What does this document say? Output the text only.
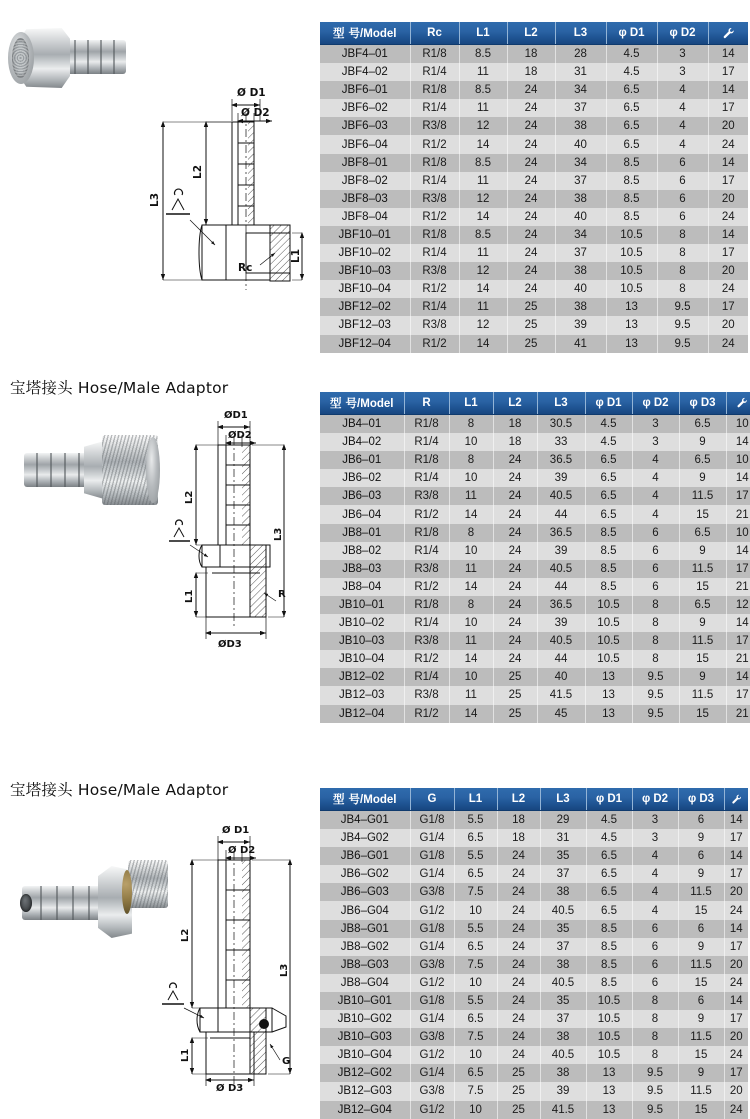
Ø D1
Ø D2
L3
L2
L1
Rc
型 号/Model	Rc	L1	L2	L3	φ D1	φ D2	
JBF4–01	R1/8	8.5	18	28	4.5	3	14
JBF4–02	R1/4	11	18	31	4.5	3	17
JBF6–01	R1/8	8.5	24	34	6.5	4	14
JBF6–02	R1/4	11	24	37	6.5	4	17
JBF6–03	R3/8	12	24	38	6.5	4	20
JBF6–04	R1/2	14	24	40	6.5	4	24
JBF8–01	R1/8	8.5	24	34	8.5	6	14
JBF8–02	R1/4	11	24	37	8.5	6	17
JBF8–03	R3/8	12	24	38	8.5	6	20
JBF8–04	R1/2	14	24	40	8.5	6	24
JBF10–01	R1/8	8.5	24	34	10.5	8	14
JBF10–02	R1/4	11	24	37	10.5	8	17
JBF10–03	R3/8	12	24	38	10.5	8	20
JBF10–04	R1/2	14	24	40	10.5	8	24
JBF12–02	R1/4	11	25	38	13	9.5	17
JBF12–03	R3/8	12	25	39	13	9.5	20
JBF12–04	R1/2	14	25	41	13	9.5	24
宝塔接头 Hose/Male Adaptor
ØD1
ØD2
ØD3
L2
L3
L1	R
型 号/Model	R	L1	L2	L3	φ D1	φ D2	φ D3	
JB4–01	R1/8	8	18	30.5	4.5	3	6.5	10
JB4–02	R1/4	10	18	33	4.5	3	9	14
JB6–01	R1/8	8	24	36.5	6.5	4	6.5	10
JB6–02	R1/4	10	24	39	6.5	4	9	14
JB6–03	R3/8	11	24	40.5	6.5	4	11.5	17
JB6–04	R1/2	14	24	44	6.5	4	15	21
JB8–01	R1/8	8	24	36.5	8.5	6	6.5	10
JB8–02	R1/4	10	24	39	8.5	6	9	14
JB8–03	R3/8	11	24	40.5	8.5	6	11.5	17
JB8–04	R1/2	14	24	44	8.5	6	15	21
JB10–01	R1/8	8	24	36.5	10.5	8	6.5	12
JB10–02	R1/4	10	24	39	10.5	8	9	14
JB10–03	R3/8	11	24	40.5	10.5	8	11.5	17
JB10–04	R1/2	14	24	44	10.5	8	15	21
JB12–02	R1/4	10	25	40	13	9.5	9	14
JB12–03	R3/8	11	25	41.5	13	9.5	11.5	17
JB12–04	R1/2	14	25	45	13	9.5	15	21
宝塔接头 Hose/Male Adaptor
Ø D1
Ø D2
Ø D3
L2
L3
L1	G
型 号/Model	G	L1	L2	L3	φ D1	φ D2	φ D3	
JB4–G01	G1/8	5.5	18	29	4.5	3	6	14
JB4–G02	G1/4	6.5	18	31	4.5	3	9	17
JB6–G01	G1/8	5.5	24	35	6.5	4	6	14
JB6–G02	G1/4	6.5	24	37	6.5	4	9	17
JB6–G03	G3/8	7.5	24	38	6.5	4	11.5	20
JB6–G04	G1/2	10	24	40.5	6.5	4	15	24
JB8–G01	G1/8	5.5	24	35	8.5	6	6	14
JB8–G02	G1/4	6.5	24	37	8.5	6	9	17
JB8–G03	G3/8	7.5	24	38	8.5	6	11.5	20
JB8–G04	G1/2	10	24	40.5	8.5	6	15	24
JB10–G01	G1/8	5.5	24	35	10.5	8	6	14
JB10–G02	G1/4	6.5	24	37	10.5	8	9	17
JB10–G03	G3/8	7.5	24	38	10.5	8	11.5	20
JB10–G04	G1/2	10	24	40.5	10.5	8	15	24
JB12–G02	G1/4	6.5	25	38	13	9.5	9	17
JB12–G03	G3/8	7.5	25	39	13	9.5	11.5	20
JB12–G04	G1/2	10	25	41.5	13	9.5	15	24
